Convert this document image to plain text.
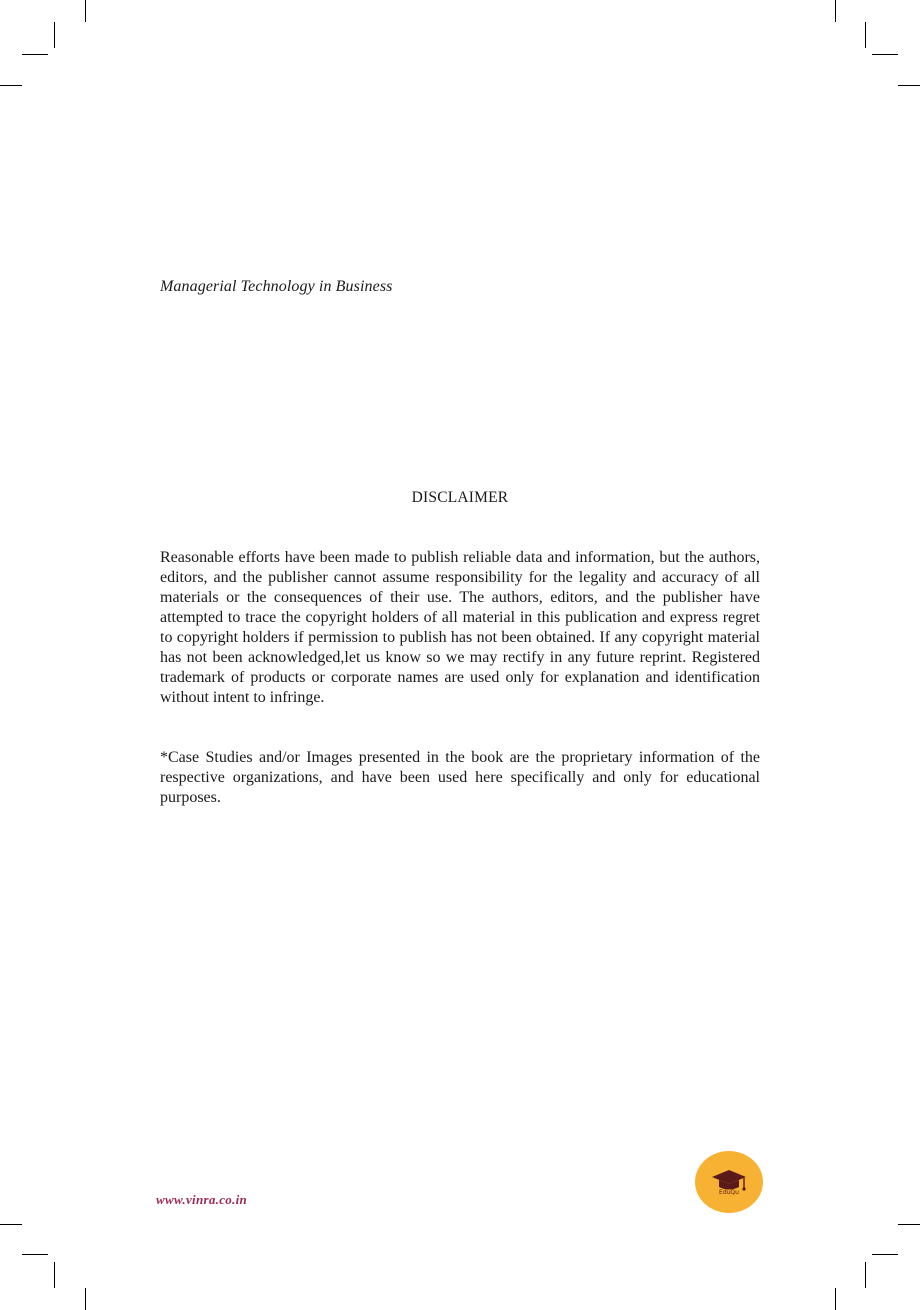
Managerial Technology in Business
DISCLAIMER

Reasonable efforts have been made to publish reliable data and information, but the authors, editors, and the publisher cannot assume responsibility for the legality and accuracy of all materials or the consequences of their use. The authors, editors, and the publisher have attempted to trace the copyright holders of all material in this publication and express regret to copyright holders if permission to publish has not been obtained. If any copyright material has not been acknowledged,let us know so we may rectify in any future reprint. Registered trademark of products or corporate names are used only for explanation and identification without intent to infringe.

*Case Studies and/or Images presented in the book are the proprietary information of the respective organizations, and have been used here specifically and only for educational purposes.

www.vinra.co.in	EduQu
